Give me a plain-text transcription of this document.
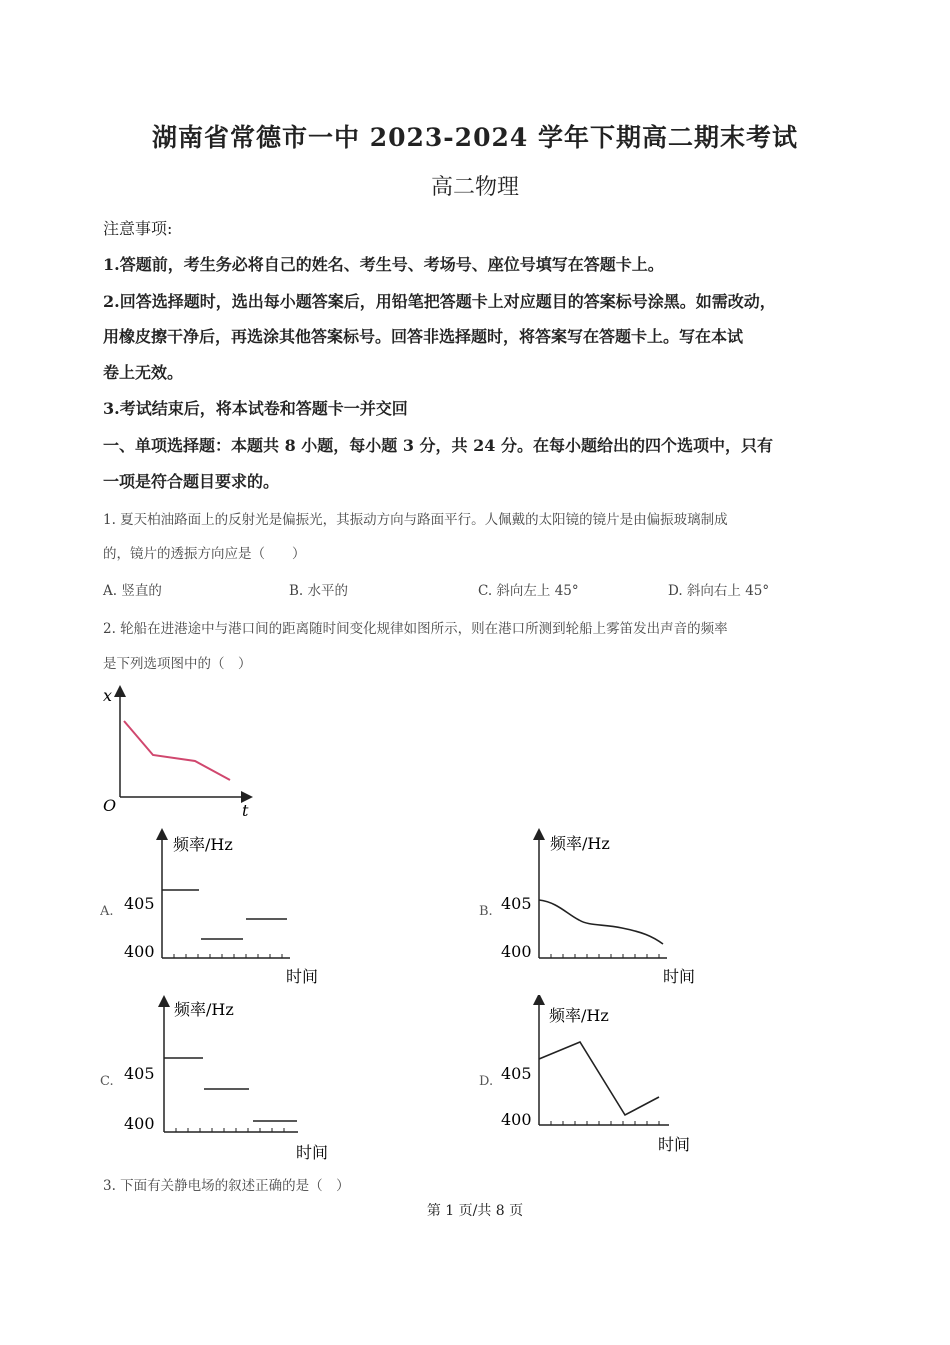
湖南省常德市一中 2023-2024 学年下期高二期末考试
高二物理
注意事项:
1.答题前，考生务必将自己的姓名、考生号、考场号、座位号填写在答题卡上。
2.回答选择题时，选出每小题答案后，用铅笔把答题卡上对应题目的答案标号涂黑。如需改动，
用橡皮擦干净后，再选涂其他答案标号。回答非选择题时，将答案写在答题卡上。写在本试
卷上无效。
3.考试结束后，将本试卷和答题卡一并交回
一、单项选择题：本题共 8 小题，每小题 3 分，共 24 分。在每小题给出的四个选项中，只有
一项是符合题目要求的。
1. 夏天柏油路面上的反射光是偏振光，其振动方向与路面平行。人佩戴的太阳镜的镜片是由偏振玻璃制成
的，镜片的透振方向应是（　　）
A. 竖直的	B. 水平的	C. 斜向左上 45°	D. 斜向右上 45°
2. 轮船在进港途中与港口间的距离随时间变化规律如图所示，则在港口所测到轮船上雾笛发出声音的频率
是下列选项图中的（　）
x
t
O
A.
频率/Hz
405
400
时间
B.
频率/Hz
405
400
时间
C.
频率/Hz
405
400
时间
D.
频率/Hz
405
400
时间
3. 下面有关静电场的叙述正确的是（　）
第 1 页/共 8 页
